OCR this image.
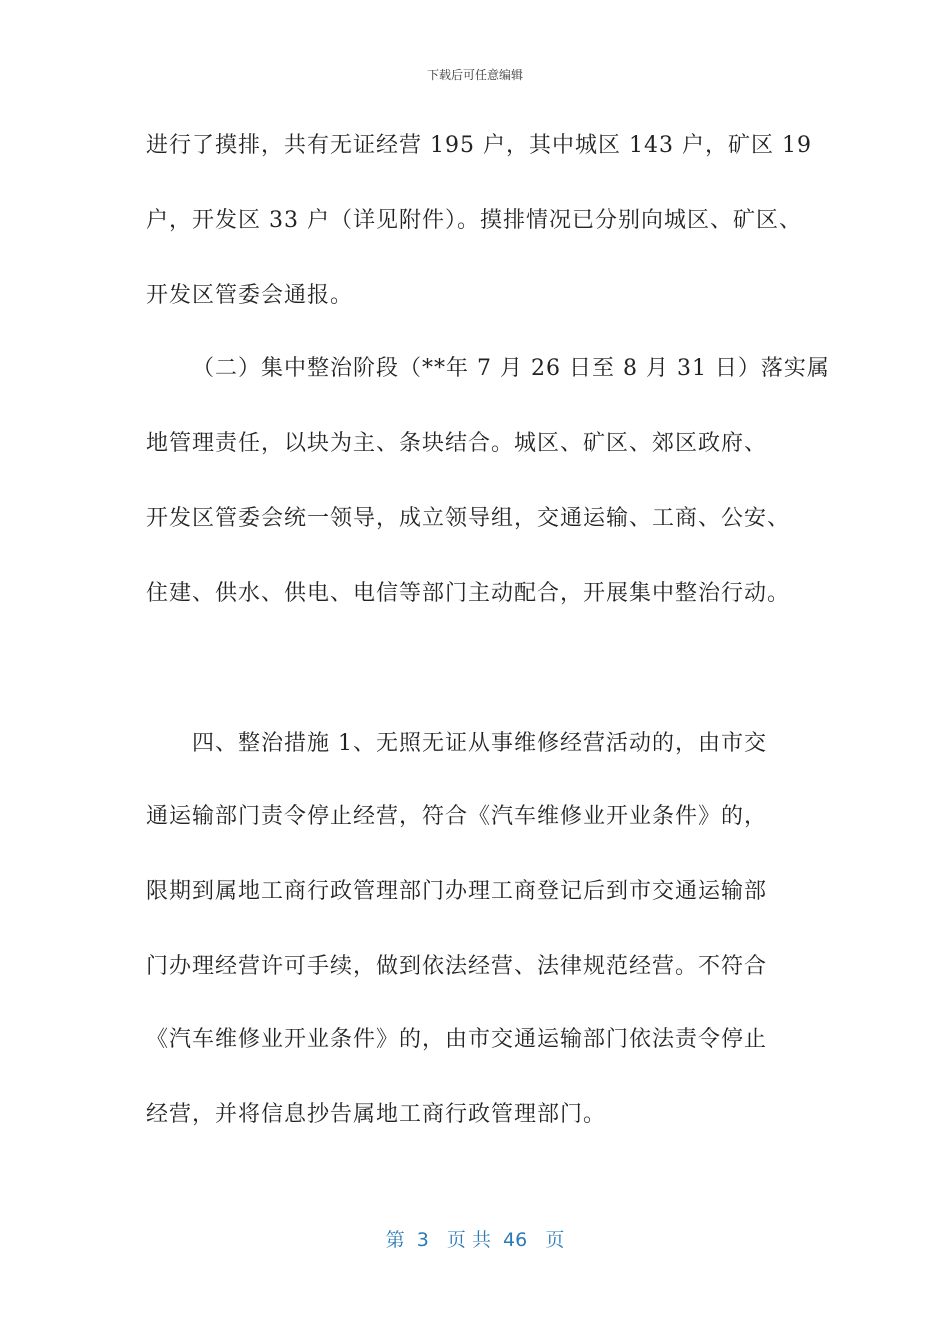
下载后可任意编辑
进行了摸排，共有无证经营 195 户，其中城区 143 户，矿区 19
户，开发区 33 户（详见附件）。摸排情况已分别向城区、矿区、
开发区管委会通报。
（二）集中整治阶段（**年 7 月 26 日至 8 月 31 日）落实属
地管理责任，以块为主、条块结合。城区、矿区、郊区政府、
开发区管委会统一领导，成立领导组，交通运输、工商、公安、
住建、供水、供电、电信等部门主动配合，开展集中整治行动。
四、整治措施 1、无照无证从事维修经营活动的，由市交
通运输部门责令停止经营，符合《汽车维修业开业条件》的，
限期到属地工商行政管理部门办理工商登记后到市交通运输部
门办理经营许可手续，做到依法经营、法律规范经营。不符合
《汽车维修业开业条件》的，由市交通运输部门依法责令停止
经营，并将信息抄告属地工商行政管理部门。
第  3   页 共  46   页
